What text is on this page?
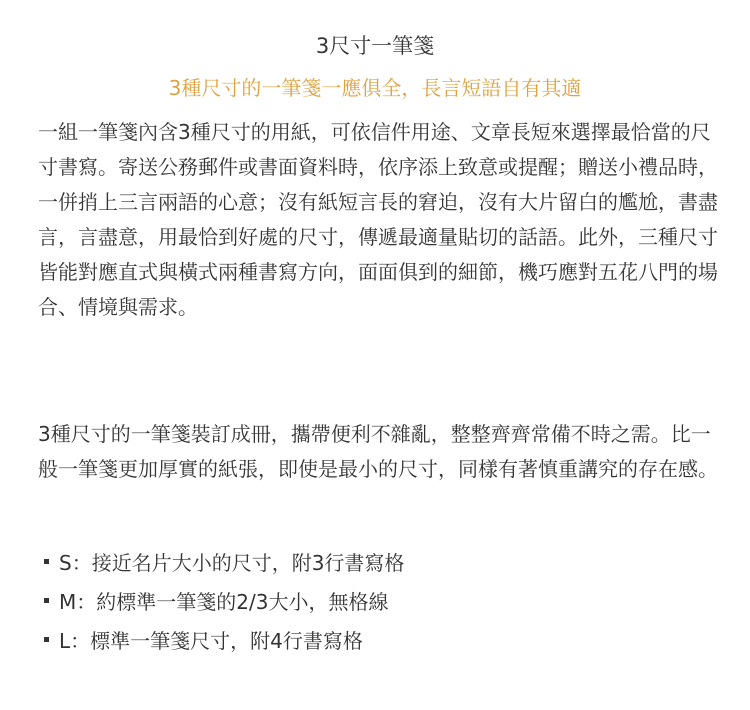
3尺寸一筆箋
3種尺寸的一筆箋一應俱全，長言短語自有其適

一組一筆箋內含3種尺寸的用紙，可依信件用途、文章長短來選擇最恰當的尺寸書寫。寄送公務郵件或書面資料時，依序添上致意或提醒；贈送小禮品時，一併捎上三言兩語的心意；沒有紙短言長的窘迫，沒有大片留白的尷尬，書盡言，言盡意，用最恰到好處的尺寸，傳遞最適量貼切的話語。此外，三種尺寸皆能對應直式與橫式兩種書寫方向，面面俱到的細節，機巧應對五花八門的場合、情境與需求。

3種尺寸的一筆箋裝訂成冊，攜帶便利不雜亂，整整齊齊常備不時之需。比一般一筆箋更加厚實的紙張，即使是最小的尺寸，同樣有著慎重講究的存在感。

S：接近名片大小的尺寸，附3行書寫格
M：約標準一筆箋的2/3大小，無格線
L：標準一筆箋尺寸，附4行書寫格
